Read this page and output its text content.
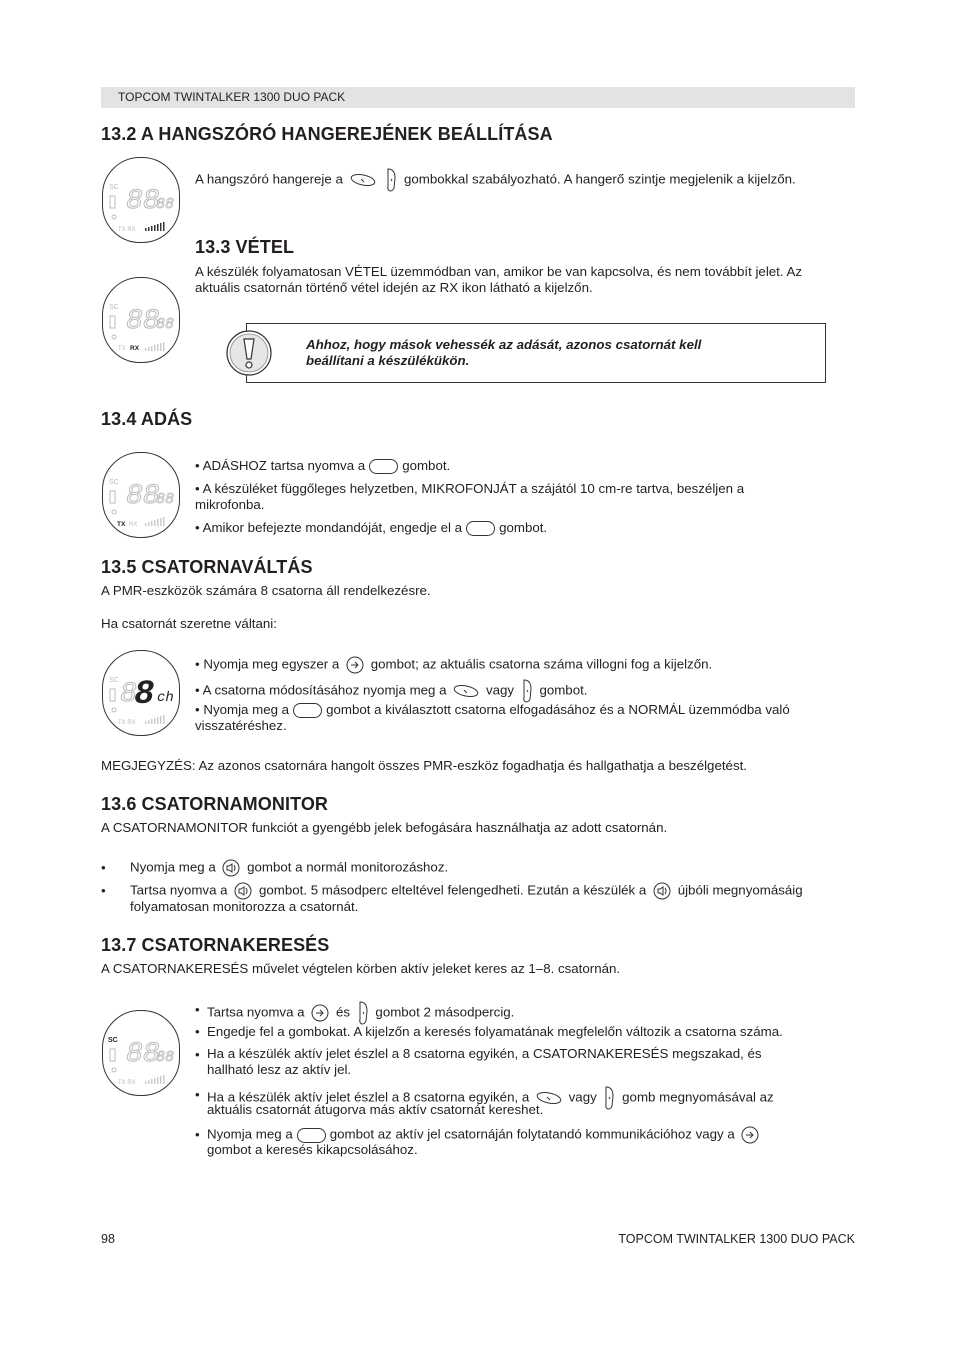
TOPCOM TWINTALKER 1300 DUO PACK
13.2 A HANGSZÓRÓ HANGEREJÉNEK BEÁLLÍTÁSA
SC 88
88
TX RX
A hangszóró hangereje a	gombokkal szabályozható. A hangerő szintje megjelenik a kijelzőn.
13.3 VÉTEL
A készülék folyamatosan VÉTEL üzemmódban van, amikor be van kapcsolva, és nem továbbít jelet. Az
aktuális csatornán történő vétel idején az RX ikon látható a kijelzőn.
SC 88
88
TX RX	Ahhoz, hogy mások vehessék az adását, azonos csatornát kell
beállítani a készülékükön.
13.4 ADÁS
SC 88
88
TX RX
• ADÁSHOZ tartsa nyomva a	gombot.
• A készüléket függőleges helyzetben, MIKROFONJÁT a szájától 10 cm-re tartva, beszéljen a
mikrofonba.
• Amikor befejezte mondandóját, engedje el a	gombot.
13.5 CSATORNAVÁLTÁS
A PMR-eszközök számára 8 csatorna áll rendelkezésre.
Ha csatornát szeretne váltani:
SC 8
8 ch
TX RX
• Nyomja meg egyszer a gombot; az aktuális csatorna száma villogni fog a kijelzőn.
• A csatorna módosításához nyomja meg a	vagy gombot.
• Nyomja meg a	gombot a kiválasztott csatorna elfogadásához és a NORMÁL üzemmódba való
visszatéréshez.
MEGJEGYZÉS: Az azonos csatornára hangolt összes PMR-eszköz fogadhatja és hallgathatja a beszélgetést.
13.6 CSATORNAMONITOR
A CSATORNAMONITOR funkciót a gyengébb jelek befogására használhatja az adott csatornán.
• Nyomja meg a gombot a normál monitorozáshoz.
• Tartsa nyomva a gombot. 5 másodperc elteltével felengedheti. Ezután a készülék a újbóli megnyomásáig
folyamatosan monitorozza a csatornát.
13.7 CSATORNAKERESÉS
A CSATORNAKERESÉS művelet végtelen körben aktív jeleket keres az 1–8. csatornán.
SC 88
88
TX RX
• Tartsa nyomva a és gombot 2 másodpercig.
• Engedje fel a gombokat. A kijelzőn a keresés folyamatának megfelelőn változik a csatorna száma.
• Ha a készülék aktív jelet észlel a 8 csatorna egyikén, a CSATORNAKERESÉS megszakad, és
hallható lesz az aktív jel.
• Ha a készülék aktív jelet észlel a 8 csatorna egyikén, a	vagy gomb megnyomásával az
aktuális csatornát átugorva más aktív csatornát kereshet.
• Nyomja meg a	gombot az aktív jel csatornáján folytatandó kommunikációhoz vagy a
gombot a keresés kikapcsolásához.
98	TOPCOM TWINTALKER 1300 DUO PACK
